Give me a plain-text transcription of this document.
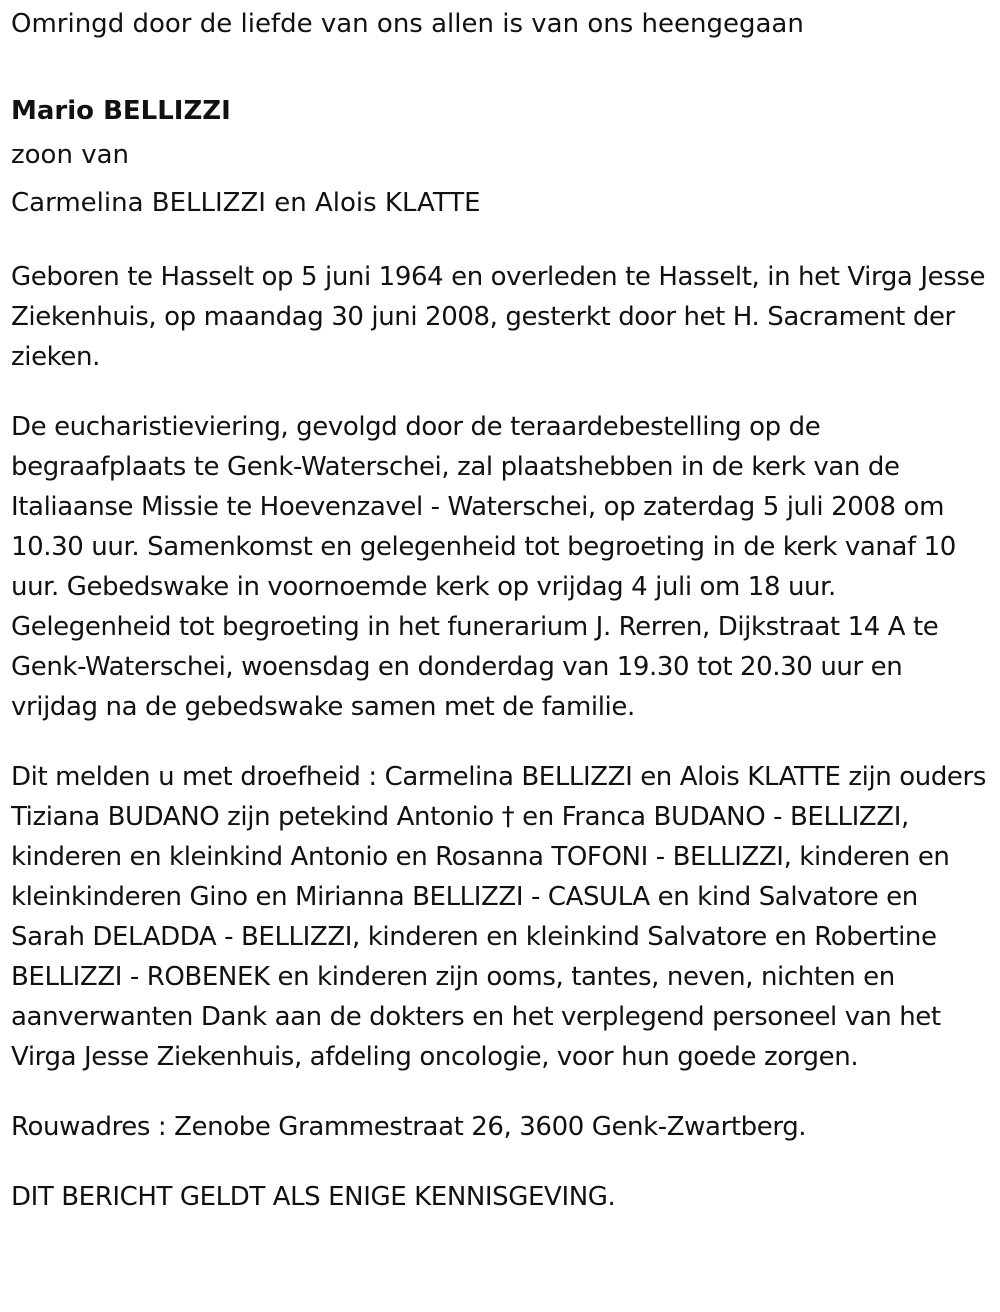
Omringd door de liefde van ons allen is van ons heengegaan

Mario BELLIZZI

zoon van

Carmelina BELLIZZI en Alois KLATTE

Geboren te Hasselt op 5 juni 1964 en overleden te Hasselt, in het Virga Jesse Ziekenhuis, op maandag 30 juni 2008, gesterkt door het H. Sacrament der zieken.

De eucharistieviering, gevolgd door de teraardebestelling op de begraafplaats te Genk-Waterschei, zal plaatshebben in de kerk van de Italiaanse Missie te Hoevenzavel - Waterschei, op zaterdag 5 juli 2008 om 10.30 uur. Samenkomst en gelegenheid tot begroeting in de kerk vanaf 10 uur. Gebedswake in voornoemde kerk op vrijdag 4 juli om 18 uur. Gelegenheid tot begroeting in het funerarium J. Rerren, Dijkstraat 14 A te Genk-Waterschei, woensdag en donderdag van 19.30 tot 20.30 uur en vrijdag na de gebedswake samen met de familie.

Dit melden u met droefheid : Carmelina BELLIZZI en Alois KLATTE zijn ouders Tiziana BUDANO zijn petekind Antonio † en Franca BUDANO - BELLIZZI, kinderen en kleinkind Antonio en Rosanna TOFONI - BELLIZZI, kinderen en kleinkinderen Gino en Mirianna BELLIZZI - CASULA en kind Salvatore en Sarah DELADDA - BELLIZZI, kinderen en kleinkind Salvatore en Robertine BELLIZZI - ROBENEK en kinderen zijn ooms, tantes, neven, nichten en aanverwanten Dank aan de dokters en het verplegend personeel van het Virga Jesse Ziekenhuis, afdeling oncologie, voor hun goede zorgen.

Rouwadres : Zenobe Grammestraat 26, 3600 Genk-Zwartberg.

DIT BERICHT GELDT ALS ENIGE KENNISGEVING.
